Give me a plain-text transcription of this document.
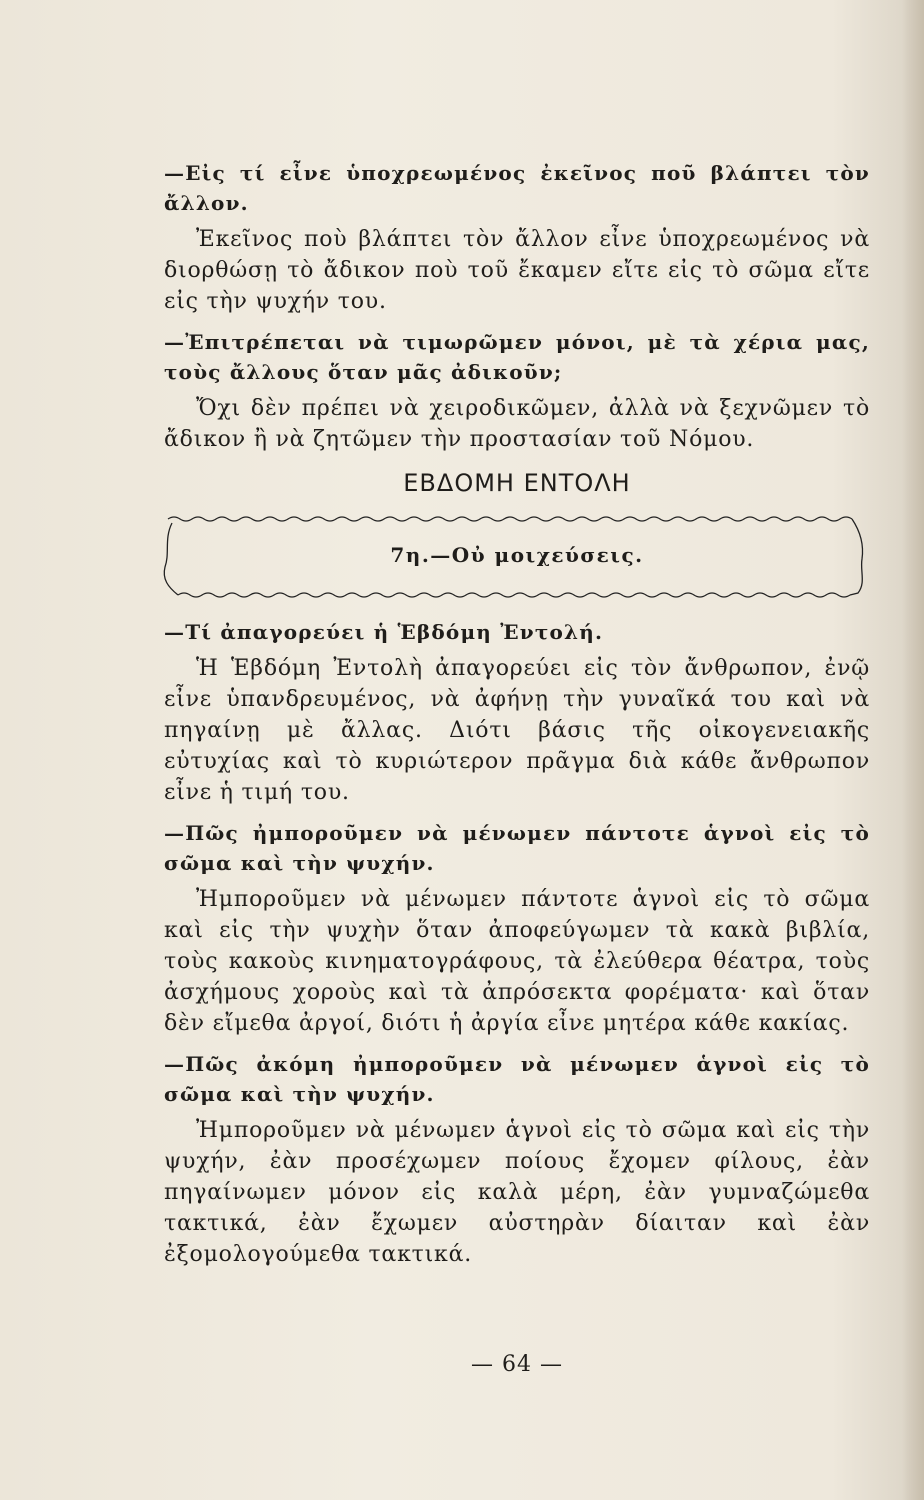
—Εἰς τί εἶνε ὑποχρεωμένος ἐκεῖνος ποῦ βλάπτει τὸν ἄλλον.

Ἐκεῖνος ποὺ βλάπτει τὸν ἄλλον εἶνε ὑποχρεωμένος νὰ διορθώσῃ τὸ ἄδικον ποὺ τοῦ ἔκαμεν εἴτε εἰς τὸ σῶμα εἴτε εἰς τὴν ψυχήν του.

—Ἐπιτρέπεται νὰ τιμωρῶμεν μόνοι, μὲ τὰ χέρια μας, τοὺς ἄλλους ὅταν μᾶς ἀδικοῦν;

Ὄχι δὲν πρέπει νὰ χειροδικῶμεν, ἀλλὰ νὰ ξεχνῶμεν τὸ ἄδικον ἢ νὰ ζητῶμεν τὴν προστασίαν τοῦ Νόμου.

ΕΒΔΟΜΗ ΕΝΤΟΛΗ
7η.—Οὐ μοιχεύσεις.

—Τί ἀπαγορεύει ἡ Ἑβδόμη Ἐντολή.

Ἡ Ἑβδόμη Ἐντολὴ ἀπαγορεύει εἰς τὸν ἄνθρωπον, ἐνῷ εἶνε ὑπανδρευμένος, νὰ ἀφήνῃ τὴν γυναῖκά του καὶ νὰ πηγαίνῃ μὲ ἄλλας. Διότι βάσις τῆς οἰκογενειακῆς εὐτυχίας καὶ τὸ κυριώτερον πρᾶγμα διὰ κάθε ἄνθρωπον εἶνε ἡ τιμή του.

—Πῶς ἠμποροῦμεν νὰ μένωμεν πάντοτε ἁγνοὶ εἰς τὸ σῶμα καὶ τὴν ψυχήν.

Ἠμποροῦμεν νὰ μένωμεν πάντοτε ἁγνοὶ εἰς τὸ σῶμα καὶ εἰς τὴν ψυχὴν ὅταν ἀποφεύγωμεν τὰ κακὰ βιβλία, τοὺς κακοὺς κινηματογράφους, τὰ ἐλεύθερα θέατρα, τοὺς ἀσχήμους χοροὺς καὶ τὰ ἀπρόσεκτα φορέματα· καὶ ὅταν δὲν εἴμεθα ἀργοί, διότι ἡ ἀργία εἶνε μητέρα κάθε κακίας.

—Πῶς ἀκόμη ἠμποροῦμεν νὰ μένωμεν ἁγνοὶ εἰς τὸ σῶμα καὶ τὴν ψυχήν.

Ἠμποροῦμεν νὰ μένωμεν ἁγνοὶ εἰς τὸ σῶμα καὶ εἰς τὴν ψυχήν, ἐὰν προσέχωμεν ποίους ἔχομεν φίλους, ἐὰν πηγαίνωμεν μόνον εἰς καλὰ μέρη, ἐὰν γυμναζώμεθα τακτικά, ἐὰν ἔχωμεν αὐστηρὰν δίαιταν καὶ ἐὰν ἐξομολογούμεθα τακτικά.

— 64 —
